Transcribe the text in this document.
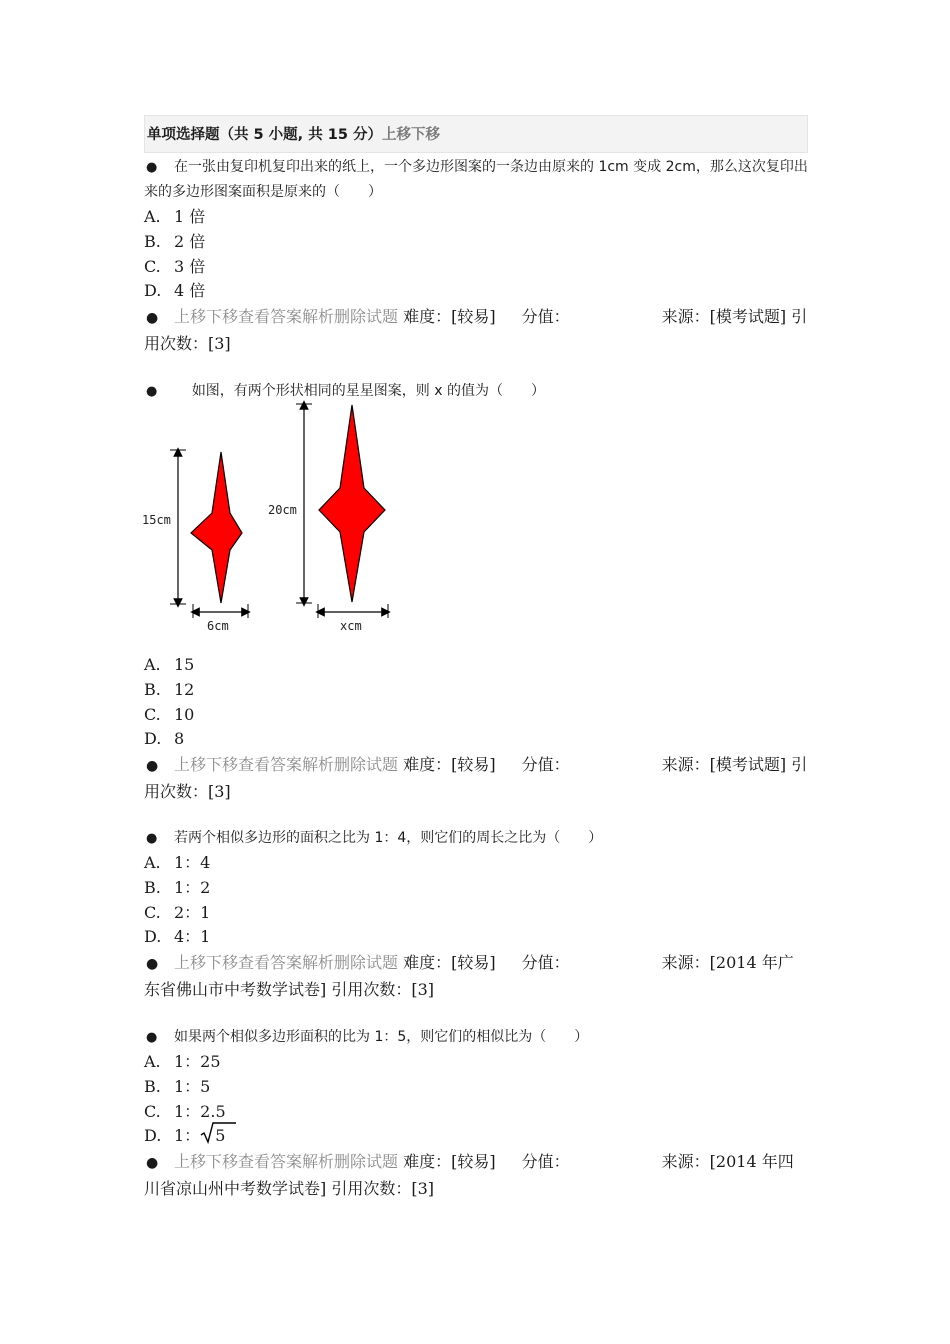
单项选择题（共 5 小题, 共 15 分）上移下移
● 在一张由复印机复印出来的纸上，一个多边形图案的一条边由原来的 1cm 变成 2cm，那么这次复印出来的多边形图案面积是原来的（　　）
A. 1 倍
B. 2 倍
C. 3 倍
D. 4 倍
● 上移下移查看答案解析删除试题 难度：[较易] 分值：	来源：[模考试题] 引用次数：[3]
● 如图，有两个形状相同的星星图案，则 x 的值为（　　）
15cm
6cm
20cm
xcm
A. 15
B. 12
C. 10
D. 8
● 上移下移查看答案解析删除试题 难度：[较易] 分值：	来源：[模考试题] 引用次数：[3]
● 若两个相似多边形的面积之比为 1：4，则它们的周长之比为（　　）
A. 1：4
B. 1：2
C. 2：1
D. 4：1
● 上移下移查看答案解析删除试题 难度：[较易] 分值：	来源：[2014 年广东省佛山市中考数学试卷] 引用次数：[3]
● 如果两个相似多边形面积的比为 1：5，则它们的相似比为（　　）
A. 1：25
B. 1：5
C. 1：2.5
D. 1： 5
● 上移下移查看答案解析删除试题 难度：[较易] 分值：	来源：[2014 年四川省凉山州中考数学试卷] 引用次数：[3]
